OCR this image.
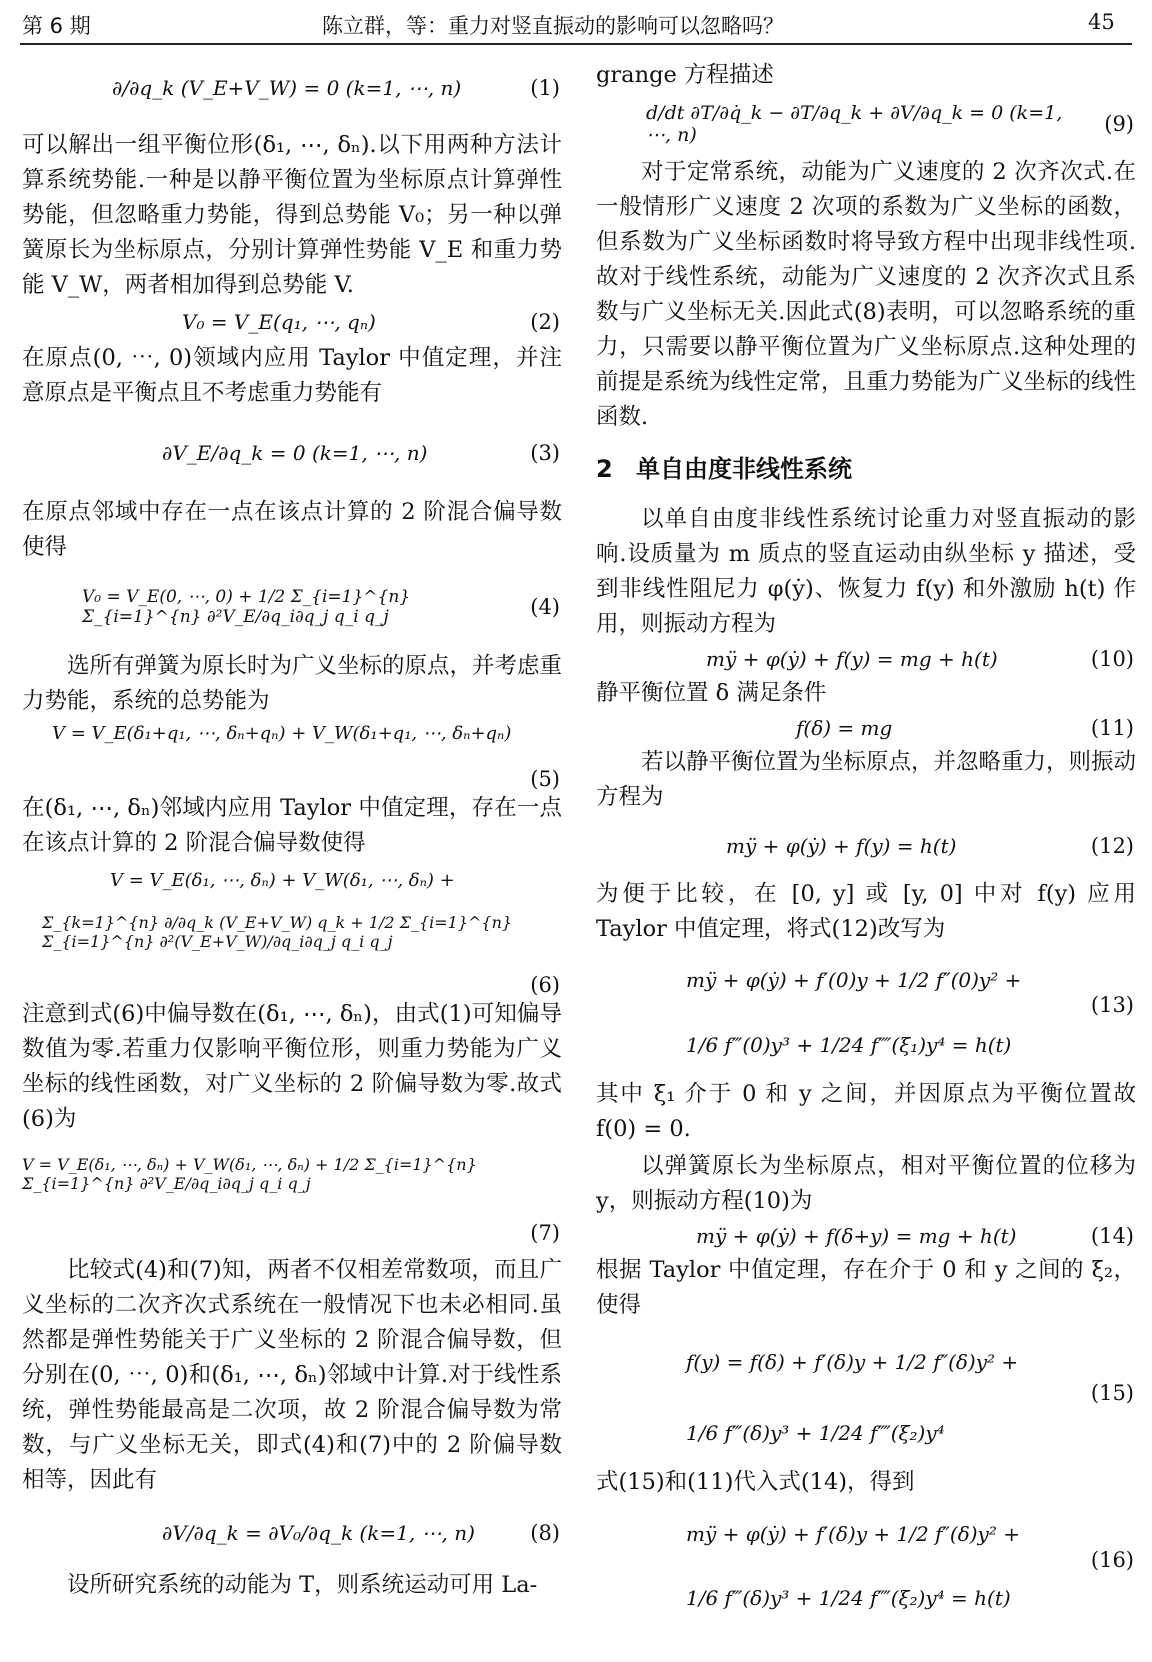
第 6 期	陈立群，等：重力对竖直振动的影响可以忽略吗？	45
∂/∂q_k (V_E+V_W) = 0 (k=1, ⋯, n)	(1)

可以解出一组平衡位形(δ₁, ⋯, δₙ).以下用两种方法计算系统势能.一种是以静平衡位置为坐标原点计算弹性势能，但忽略重力势能，得到总势能 V₀；另一种以弹簧原长为坐标原点，分别计算弹性势能 V_E 和重力势能 V_W，两者相加得到总势能 V.

V₀ = V_E(q₁, ⋯, qₙ)	(2)

在原点(0, ⋯, 0)领域内应用 Taylor 中值定理，并注意原点是平衡点且不考虑重力势能有

∂V_E/∂q_k = 0 (k=1, ⋯, n)	(3)

在原点邻域中存在一点在该点计算的 2 阶混合偏导数使得

V₀ = V_E(0, ⋯, 0) + 1/2 Σ_{i=1}^{n} Σ_{i=1}^{n} ∂²V_E/∂q_i∂q_j q_i q_j	(4)

选所有弹簧为原长时为广义坐标的原点，并考虑重力势能，系统的总势能为

V = V_E(δ₁+q₁, ⋯, δₙ+qₙ) + V_W(δ₁+q₁, ⋯, δₙ+qₙ)
(5)

在(δ₁, ⋯, δₙ)邻域内应用 Taylor 中值定理，存在一点在该点计算的 2 阶混合偏导数使得

V = V_E(δ₁, ⋯, δₙ) + V_W(δ₁, ⋯, δₙ) +
Σ_{k=1}^{n} ∂/∂q_k (V_E+V_W) q_k + 1/2 Σ_{i=1}^{n} Σ_{i=1}^{n} ∂²(V_E+V_W)/∂q_i∂q_j q_i q_j
(6)

注意到式(6)中偏导数在(δ₁, ⋯, δₙ)，由式(1)可知偏导数值为零.若重力仅影响平衡位形，则重力势能为广义坐标的线性函数，对广义坐标的 2 阶偏导数为零.故式(6)为

V = V_E(δ₁, ⋯, δₙ) + V_W(δ₁, ⋯, δₙ) + 1/2 Σ_{i=1}^{n} Σ_{i=1}^{n} ∂²V_E/∂q_i∂q_j q_i q_j
(7)

比较式(4)和(7)知，两者不仅相差常数项，而且广义坐标的二次齐次式系统在一般情况下也未必相同.虽然都是弹性势能关于广义坐标的 2 阶混合偏导数，但分别在(0, ⋯, 0)和(δ₁, ⋯, δₙ)邻域中计算.对于线性系统，弹性势能最高是二次项，故 2 阶混合偏导数为常数，与广义坐标无关，即式(4)和(7)中的 2 阶偏导数相等，因此有

∂V/∂q_k = ∂V₀/∂q_k (k=1, ⋯, n)	(8)

设所研究系统的动能为 T，则系统运动可用 La-

grange 方程描述

d/dt ∂T/∂q̇_k − ∂T/∂q_k + ∂V/∂q_k = 0 (k=1, ⋯, n)	(9)

对于定常系统，动能为广义速度的 2 次齐次式.在一般情形广义速度 2 次项的系数为广义坐标的函数，但系数为广义坐标函数时将导致方程中出现非线性项.故对于线性系统，动能为广义速度的 2 次齐次式且系数与广义坐标无关.因此式(8)表明，可以忽略系统的重力，只需要以静平衡位置为广义坐标原点.这种处理的前提是系统为线性定常，且重力势能为广义坐标的线性函数.

2 单自由度非线性系统

以单自由度非线性系统讨论重力对竖直振动的影响.设质量为 m 质点的竖直运动由纵坐标 y 描述，受到非线性阻尼力 φ(ẏ)、恢复力 f(y) 和外激励 h(t) 作用，则振动方程为

mÿ + φ(ẏ) + f(y) = mg + h(t)	(10)

静平衡位置 δ 满足条件

f(δ) = mg	(11)

若以静平衡位置为坐标原点，并忽略重力，则振动方程为

mÿ + φ(ẏ) + f(y) = h(t)	(12)

为便于比较，在 [0, y] 或 [y, 0] 中对 f(y) 应用 Taylor 中值定理，将式(12)改写为

mÿ + φ(ẏ) + f′(0)y + 1/2 f″(0)y² +
(13)
1/6 f‴(0)y³ + 1/24 f⁗(ξ₁)y⁴ = h(t)

其中 ξ₁ 介于 0 和 y 之间，并因原点为平衡位置故 f(0) = 0.

以弹簧原长为坐标原点，相对平衡位置的位移为 y，则振动方程(10)为

mÿ + φ(ẏ) + f(δ+y) = mg + h(t)	(14)

根据 Taylor 中值定理，存在介于 0 和 y 之间的 ξ₂，使得

f(y) = f(δ) + f′(δ)y + 1/2 f″(δ)y² +
(15)
1/6 f‴(δ)y³ + 1/24 f⁗(ξ₂)y⁴

式(15)和(11)代入式(14)，得到

mÿ + φ(ẏ) + f′(δ)y + 1/2 f″(δ)y² +
(16)
1/6 f‴(δ)y³ + 1/24 f⁗(ξ₂)y⁴ = h(t)
